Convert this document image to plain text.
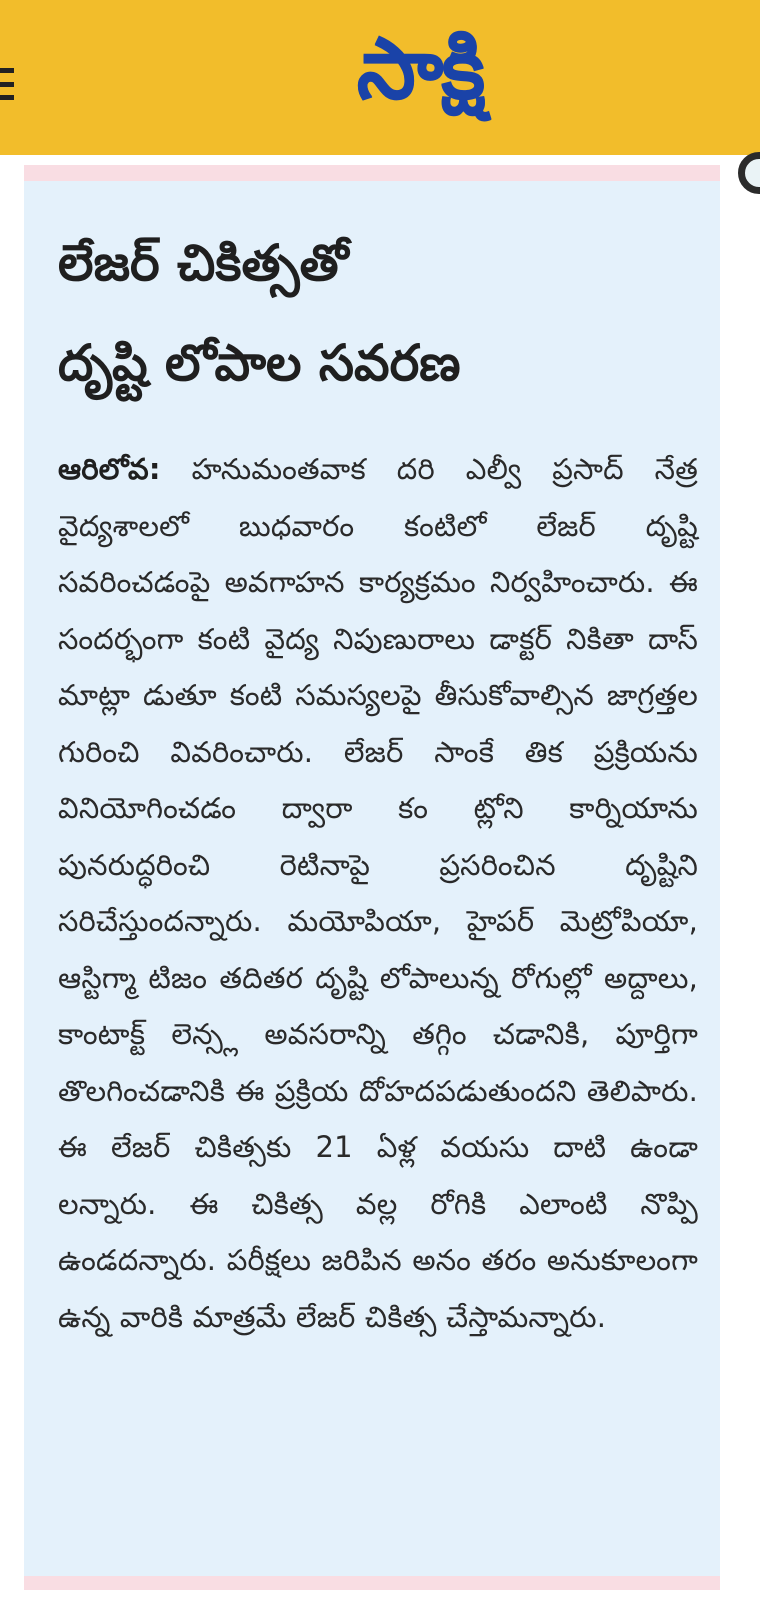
సాక్షి
లేజర్ చికిత్సతో
దృష్టి లోపాల సవరణ

ఆరిలోవ: హనుమంతవాక దరి ఎల్వీ ప్రసాద్ నేత్ర వైద్యశాలలో బుధవారం కంటిలో లేజర్ దృష్టి సవరించడంపై అవగాహన కార్యక్రమం నిర్వహించారు. ఈ సందర్భంగా కంటి వైద్య నిపుణురాలు డాక్టర్ నికితా దాస్ మాట్లా డుతూ కంటి సమస్యలపై తీసుకోవాల్సిన జాగ్రత్తల గురించి వివరించారు. లేజర్ సాంకే తిక ప్రక్రియను వినియోగించడం ద్వారా కం ట్లోని కార్నియాను పునరుద్ధరించి రెటినాపై ప్రసరించిన దృష్టిని సరిచేస్తుందన్నారు. మయోపియా, హైపర్ మెట్రోపియా, ఆస్టిగ్మా టిజం తదితర దృష్టి లోపాలున్న రోగుల్లో అద్దాలు, కాంటాక్ట్ లెన్స్ల అవసరాన్ని తగ్గిం చడానికి, పూర్తిగా తొలగించడానికి ఈ ప్రక్రియ దోహదపడుతుందని తెలిపారు. ఈ లేజర్ చికిత్సకు 21 ఏళ్ల వయసు దాటి ఉండా లన్నారు. ఈ చికిత్స వల్ల రోగికి ఎలాంటి నొప్పి ఉండదన్నారు. పరీక్షలు జరిపిన అనం తరం అనుకూలంగా ఉన్న వారికి మాత్రమే లేజర్ చికిత్స చేస్తామన్నారు.
